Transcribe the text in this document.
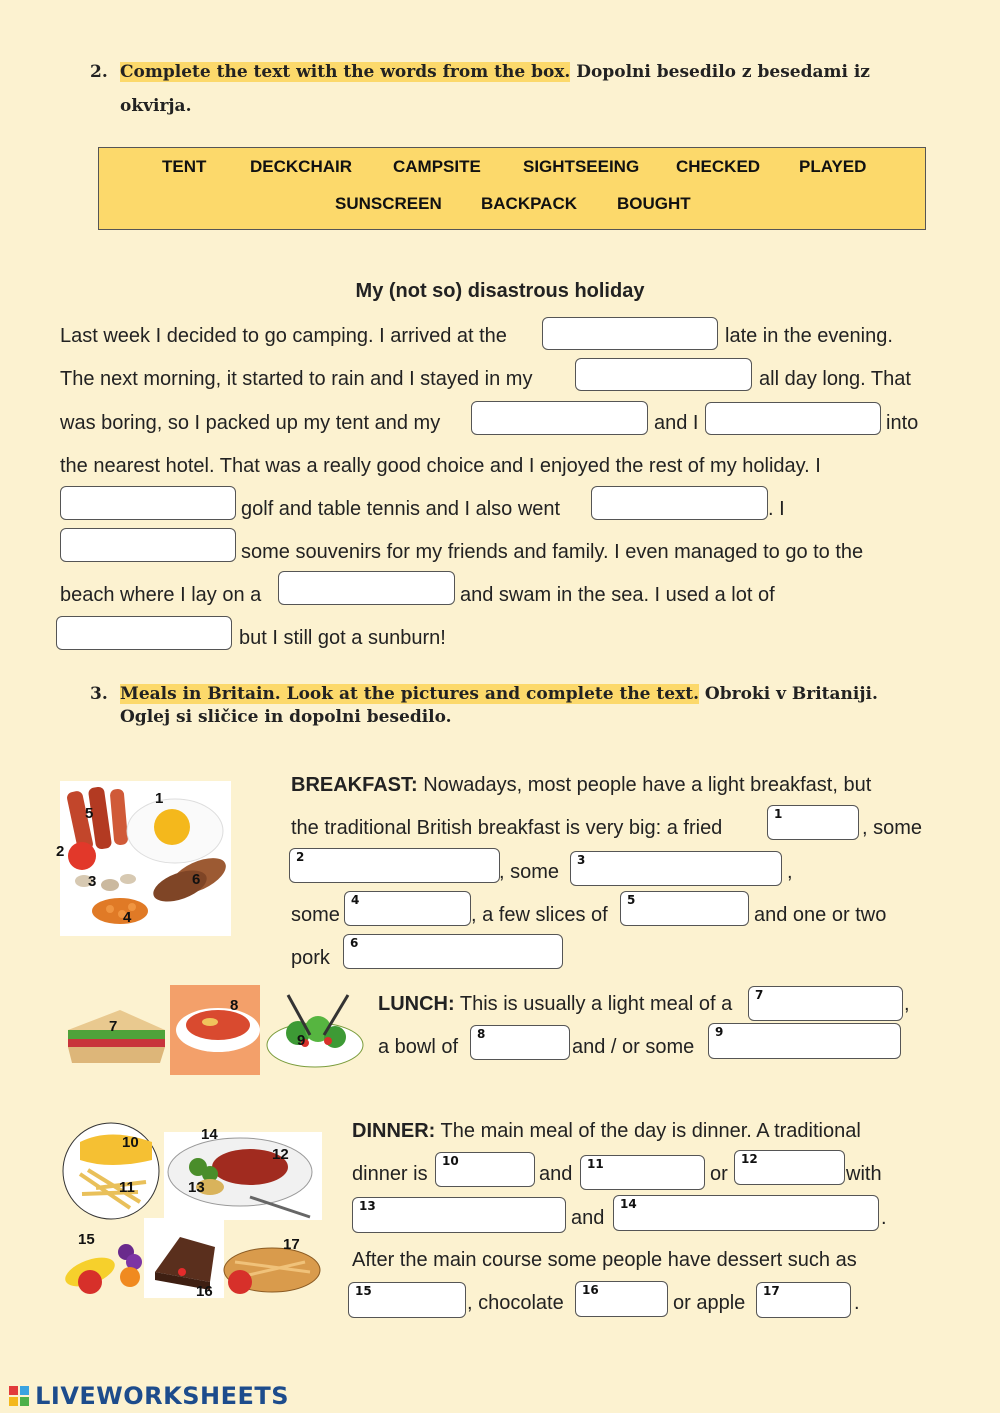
2. Complete the text with the words from the box. Dopolni besedilo z besedami iz
okvirja.
TENT	DECKCHAIR CAMPSITE SIGHTSEEING CHECKED PLAYED
SUNSCREEN BACKPACK BOUGHT
My (not so) disastrous holiday
Last week I decided to go camping. I arrived at the	late in the evening.
The next morning, it started to rain and I stayed in my	all day long. That
was boring, so I packed up my tent and my	and I	into
the nearest hotel. That was a really good choice and I enjoyed the rest of my holiday. I
golf and table tennis and I also went	. I
some souvenirs for my friends and family. I even managed to go to the
beach where I lay on a	and swam in the sea. I used a lot of
but I still got a sunburn!
3. Meals in Britain. Look at the pictures and complete the text. Obroki v Britaniji.
Oglej si sličice in dopolni besedilo.
1
2
3
4
5
6
BREAKFAST: Nowadays, most people have a light breakfast, but
the traditional British breakfast is very big: a fried
1
, some
2
, some
3
,
some
4
, a few slices of
5
and one or two
pork
6
7
8
9
LUNCH: This is usually a light meal of a 7	,
a bowl of
8
and / or some
9
10
11
12
13
14
15
16
17
DINNER: The main meal of the day is dinner. A traditional
dinner is
10
and 11	or
12
with
13
and
14
.
After the main course some people have dessert such as
15
, chocolate
16
or apple
17
.
LIVEWORKSHEETS
